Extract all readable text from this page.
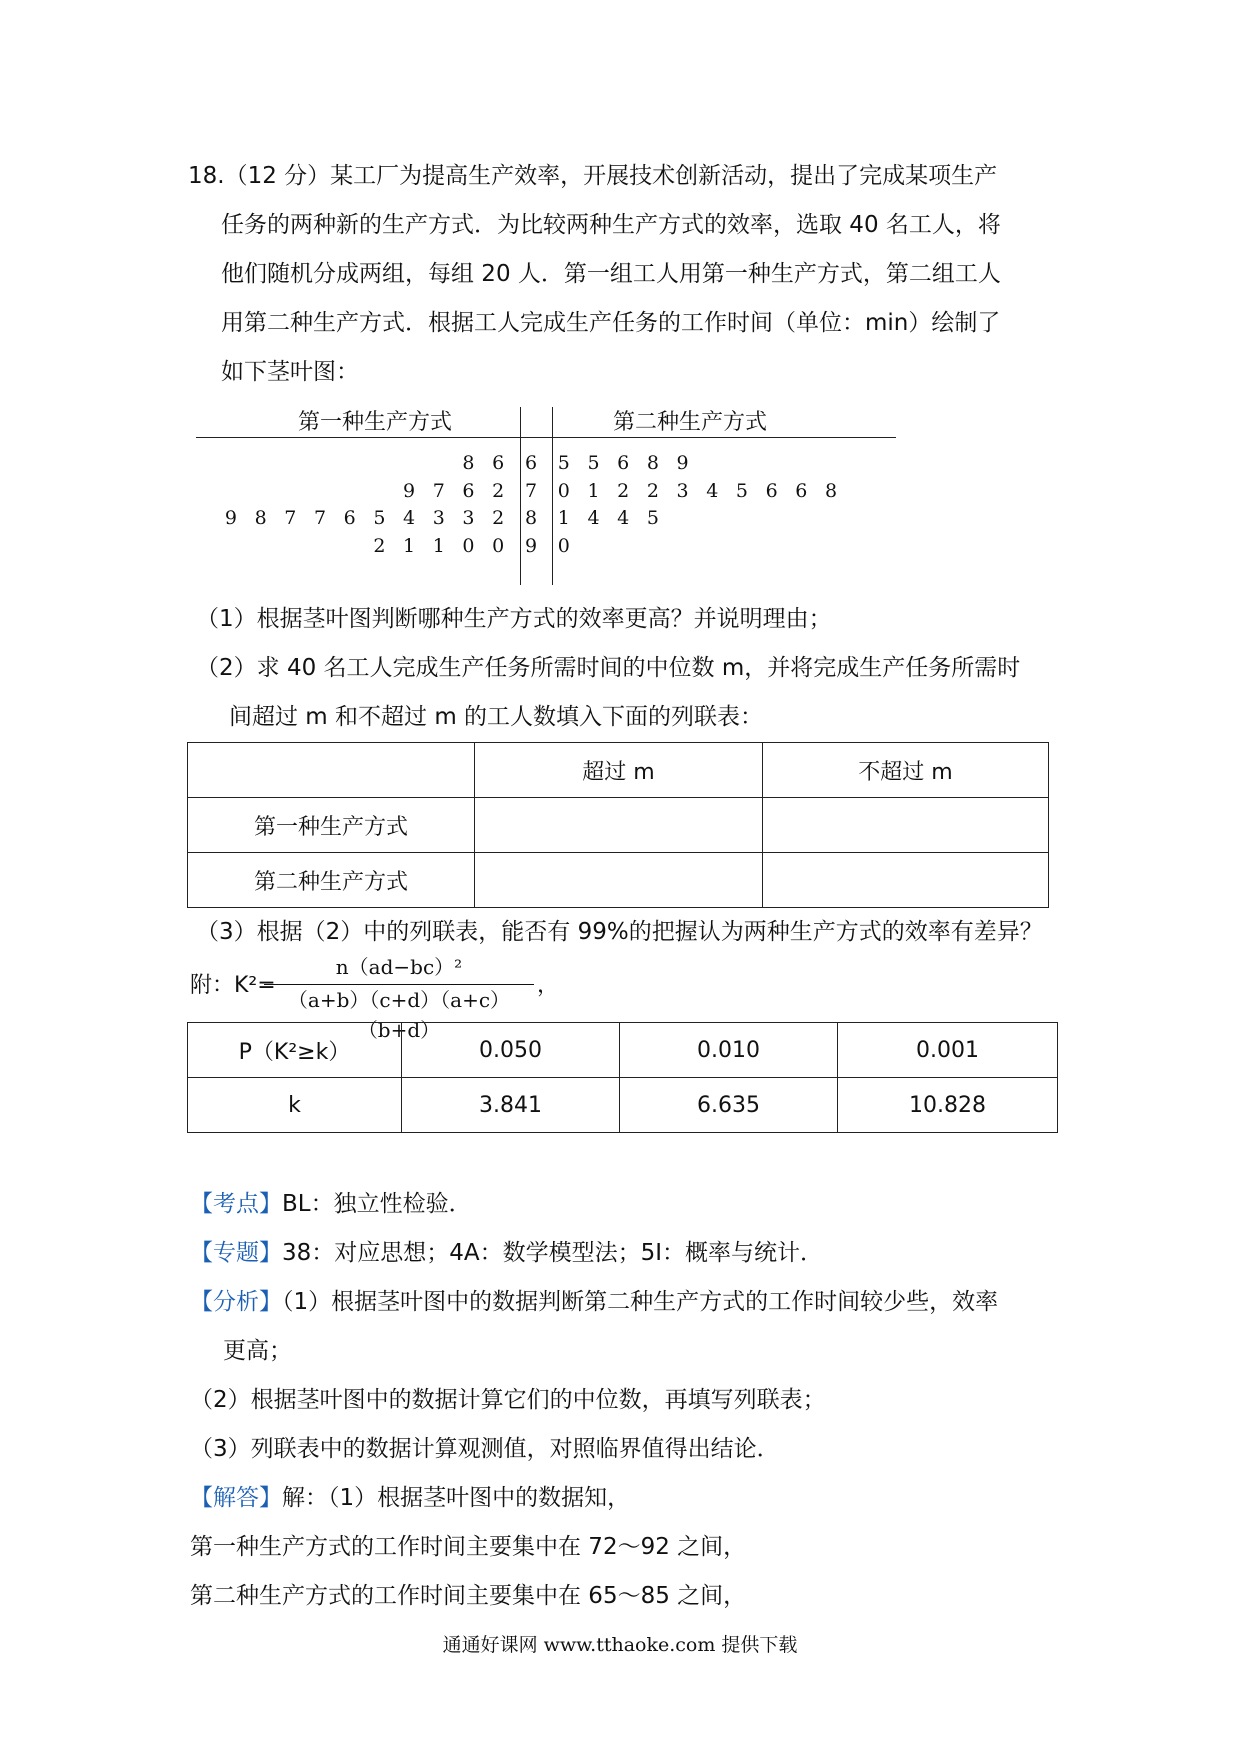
18.（12 分）某工厂为提高生产效率，开展技术创新活动，提出了完成某项生产
任务的两种新的生产方式．为比较两种生产方式的效率，选取 40 名工人，将
他们随机分成两组，每组 20 人．第一组工人用第一种生产方式，第二组工人
用第二种生产方式．根据工人完成生产任务的工作时间（单位：min）绘制了
如下茎叶图：
第一种生产方式	第二种生产方式
8 6	6	5 5 6 8 9
9 7 6 2	7	0 1 2 2 3 4 5 6 6 8
9 8 7 7 6 5 4 3 3 2	8	1 4 4 5
2 1 1 0 0	9	0
（1）根据茎叶图判断哪种生产方式的效率更高？并说明理由；
（2）求 40 名工人完成生产任务所需时间的中位数 m，并将完成生产任务所需时
间超过 m 和不超过 m 的工人数填入下面的列联表：
	超过 m	不超过 m
第一种生产方式		
第二种生产方式		
（3）根据（2）中的列联表，能否有 99%的把握认为两种生产方式的效率有差异？
附：K²=
n（ad−bc）²
（a+b）（c+d）（a+c）（b+d）
，
P（K²≥k）	0.050	0.010	0.001
k	3.841	6.635	10.828
【考点】BL：独立性检验．
【专题】38：对应思想；4A：数学模型法；5I：概率与统计．
【分析】（1）根据茎叶图中的数据判断第二种生产方式的工作时间较少些，效率
更高；
（2）根据茎叶图中的数据计算它们的中位数，再填写列联表；
（3）列联表中的数据计算观测值，对照临界值得出结论．
【解答】解：（1）根据茎叶图中的数据知，
第一种生产方式的工作时间主要集中在 72～92 之间，
第二种生产方式的工作时间主要集中在 65～85 之间，
通通好课网 www.tthaoke.com 提供下载
